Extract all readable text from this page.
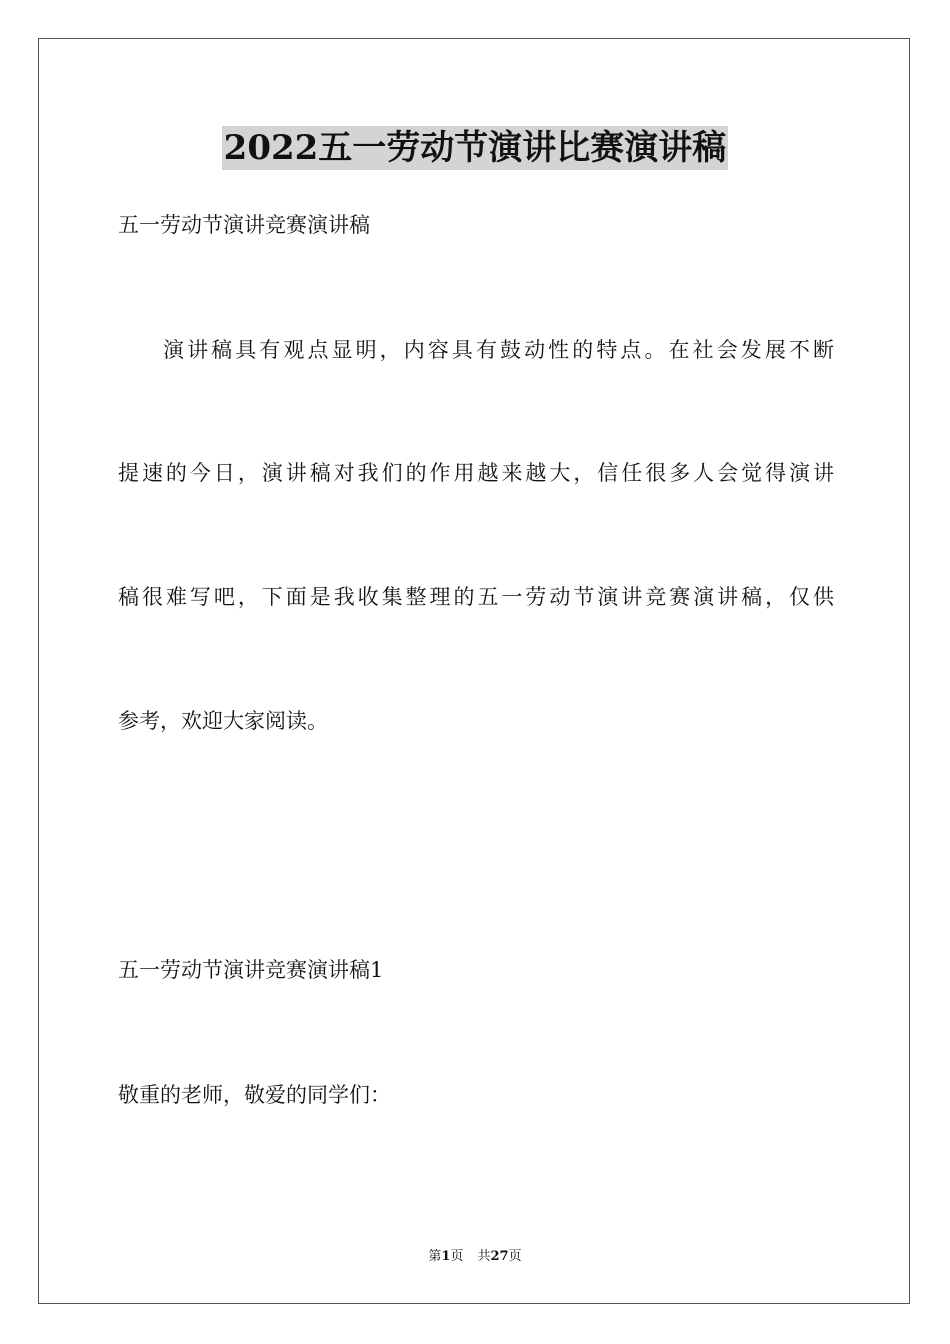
2022五一劳动节演讲比赛演讲稿

五一劳动节演讲竞赛演讲稿

演讲稿具有观点显明，内容具有鼓动性的特点。在社会发展不断

提速的今日，演讲稿对我们的作用越来越大，信任很多人会觉得演讲

稿很难写吧，下面是我收集整理的五一劳动节演讲竞赛演讲稿，仅供

参考，欢迎大家阅读。

五一劳动节演讲竞赛演讲稿1

敬重的老师，敬爱的同学们：

第1页 共27页
